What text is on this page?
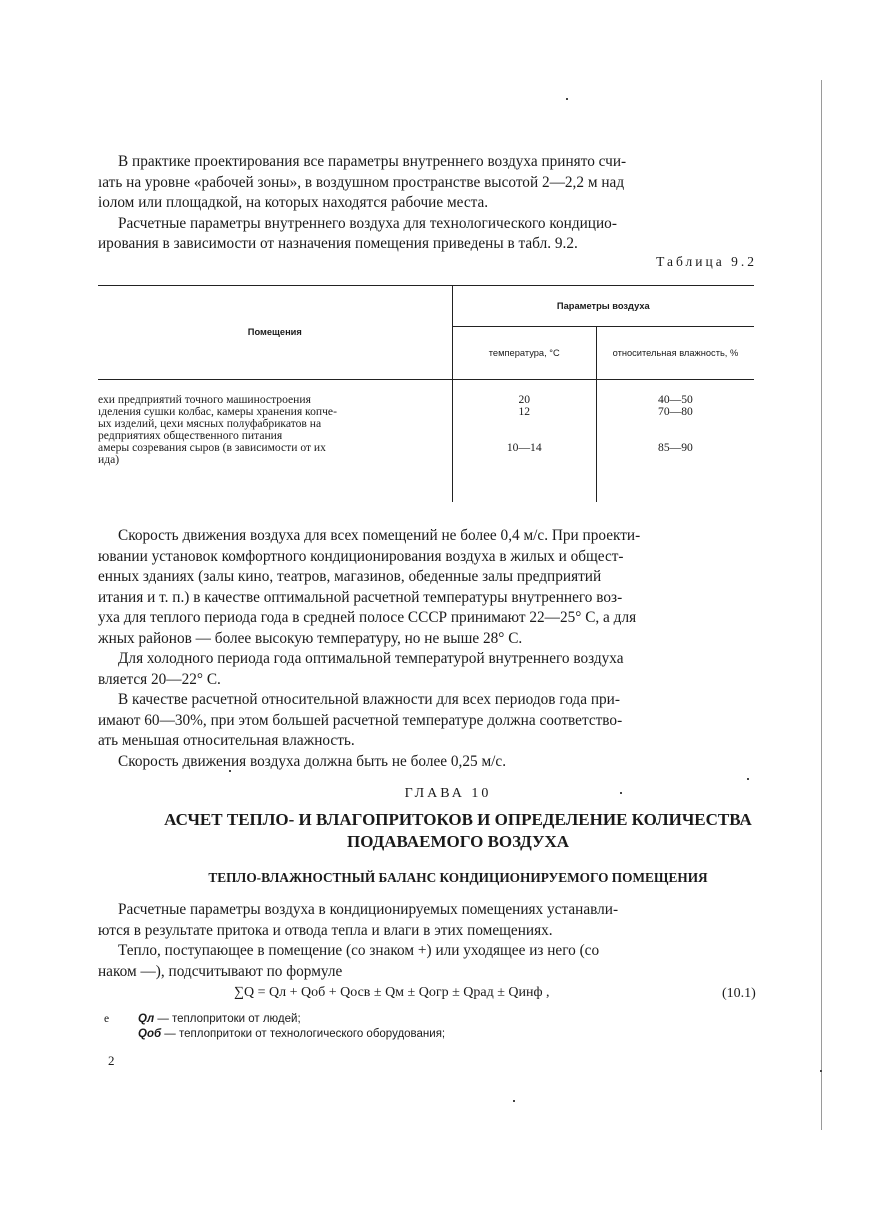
В практике проектирования все параметры внутреннего воздуха принято счи-
ıать на уровне «рабочей зоны», в воздушном пространстве высотой 2—2,2 м над
іолом или площадкой, на которых находятся рабочие места.
Расчетные параметры внутреннего воздуха для технологического кондицио-
ирования в зависимости от назначения помещения приведены в табл. 9.2.
Таблица 9.2
Помещения	Параметры воздуха	
	температура, °C	относительная влажность, %

ехи предприятий точного машиностроения	20	40—50

ıделения сушки колбас, камеры хранения копче-
ых изделий, цехи мясных полуфабрикатов на
редприятиях общественного питания	12	70—80

амеры созревания сыров (в зависимости от их
ида)	10—14	85—90
Скорость движения воздуха для всех помещений не более 0,4 м/с. При проекти-
ювании установок комфортного кондиционирования воздуха в жилых и общест-
енных зданиях (залы кино, театров, магазинов, обеденные залы предприятий
итания и т. п.) в качестве оптимальной расчетной температуры внутреннего воз-
уха для теплого периода года в средней полосе СССР принимают 22—25° С, а для
жных районов — более высокую температуру, но не выше 28° С.
Для холодного периода года оптимальной температурой внутреннего воздуха
вляется 20—22° С.
В качестве расчетной относительной влажности для всех периодов года при-
имают 60—30%, при этом большей расчетной температуре должна соответство-
ать меньшая относительная влажность.
Скорость движения воздуха должна быть не более 0,25 м/с.
ГЛАВА 10
АСЧЕТ ТЕПЛО- И ВЛАГОПРИТОКОВ И ОПРЕДЕЛЕНИЕ КОЛИЧЕСТВА
ПОДАВАЕМОГО ВОЗДУХА
ТЕПЛО-ВЛАЖНОСТНЫЙ БАЛАНС КОНДИЦИОНИРУЕМОГО ПОМЕЩЕНИЯ
Расчетные параметры воздуха в кондиционируемых помещениях устанавли-
ются в результате притока и отвода тепла и влаги в этих помещениях.
Тепло, поступающее в помещение (со знаком +) или уходящее из него (со
наком —), подсчитывают по формуле
∑Q = Qл + Qоб + Qосв ± Qм ± Qогр ± Qрад ± Qинф ,	(10.1)
е	Qл — теплопритоки от людей;
Qоб — теплопритоки от технологического оборудования;
2
